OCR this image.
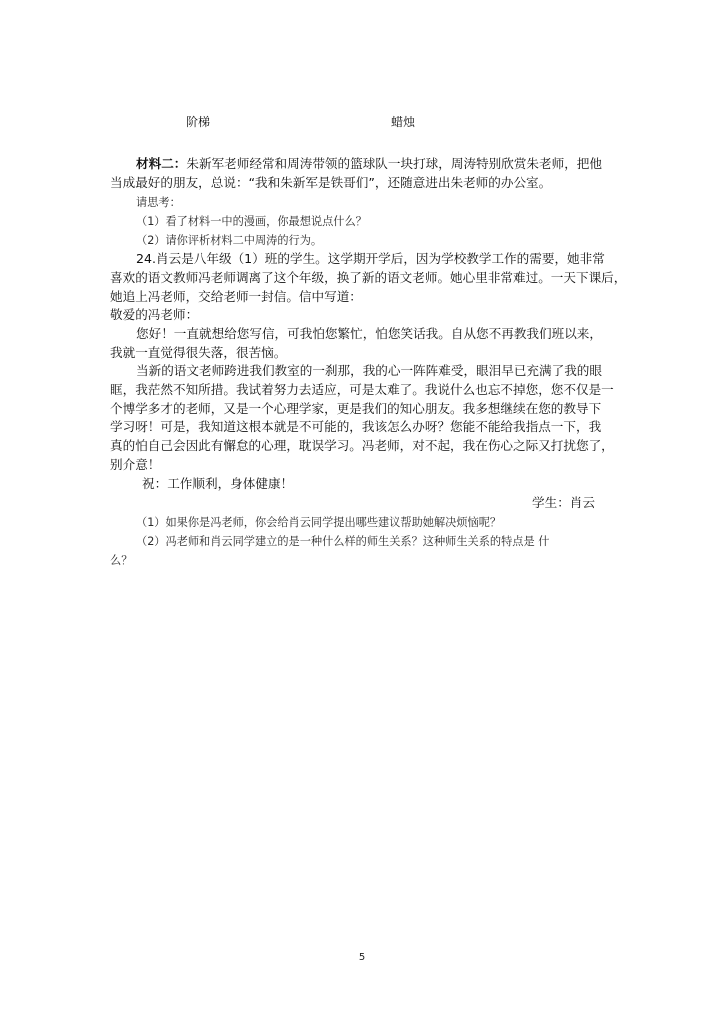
阶梯	蜡烛
材料二：朱新军老师经常和周涛带领的篮球队一块打球，周涛特别欣赏朱老师，把他
当成最好的朋友，总说：“我和朱新军是铁哥们”，还随意进出朱老师的办公室。
请思考：
（1）看了材料一中的漫画，你最想说点什么？
（2）请你评析材料二中周涛的行为。
24.肖云是八年级（1）班的学生。这学期开学后，因为学校教学工作的需要，她非常
喜欢的语文教师冯老师调离了这个年级，换了新的语文老师。她心里非常难过。一天下课后，
她追上冯老师，交给老师一封信。信中写道：
敬爱的冯老师：
您好！一直就想给您写信，可我怕您繁忙，怕您笑话我。自从您不再教我们班以来，
我就一直觉得很失落，很苦恼。
当新的语文老师跨进我们教室的一刹那，我的心一阵阵难受，眼泪早已充满了我的眼
眶，我茫然不知所措。我试着努力去适应，可是太难了。我说什么也忘不掉您，您不仅是一
个博学多才的老师，又是一个心理学家，更是我们的知心朋友。我多想继续在您的教导下
学习呀！可是，我知道这根本就是不可能的，我该怎么办呀？您能不能给我指点一下，我
真的怕自己会因此有懈怠的心理，耽误学习。冯老师，对不起，我在伤心之际又打扰您了，
别介意！
祝：工作顺利，身体健康！
学生：肖云
（1）如果你是冯老师，你会给肖云同学提出哪些建议帮助她解决烦恼呢？
（2）冯老师和肖云同学建立的是一种什么样的师生关系？这种师生关系的特点是 什
么？
5
